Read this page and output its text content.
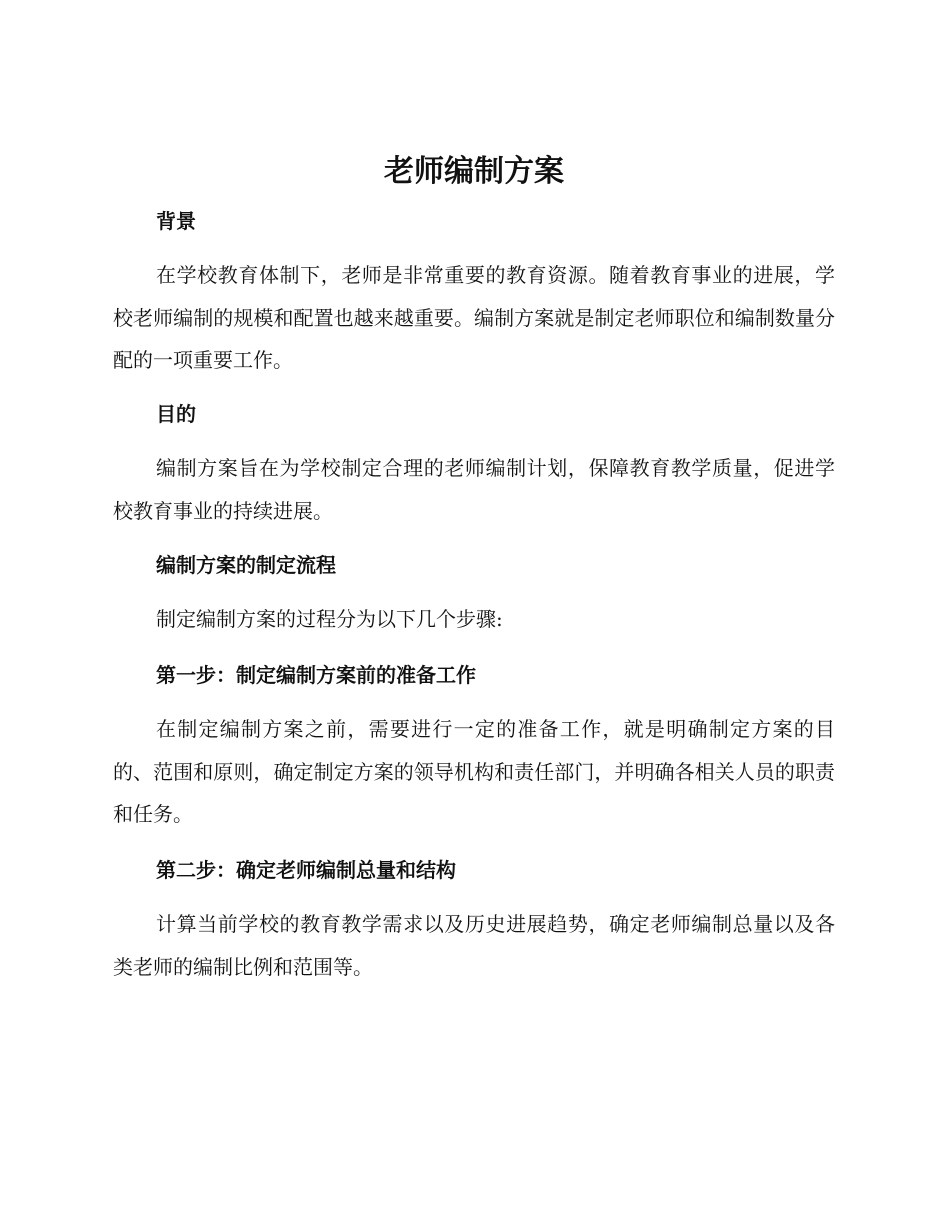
老师编制方案
背景

在学校教育体制下，老师是非常重要的教育资源。随着教育事业的进展，学校老师编制的规模和配置也越来越重要。编制方案就是制定老师职位和编制数量分配的一项重要工作。

目的

编制方案旨在为学校制定合理的老师编制计划，保障教育教学质量，促进学校教育事业的持续进展。

编制方案的制定流程

制定编制方案的过程分为以下几个步骤:

第一步：制定编制方案前的准备工作

在制定编制方案之前，需要进行一定的准备工作，就是明确制定方案的目的、范围和原则，确定制定方案的领导机构和责任部门，并明确各相关人员的职责和任务。

第二步：确定老师编制总量和结构

计算当前学校的教育教学需求以及历史进展趋势，确定老师编制总量以及各类老师的编制比例和范围等。
